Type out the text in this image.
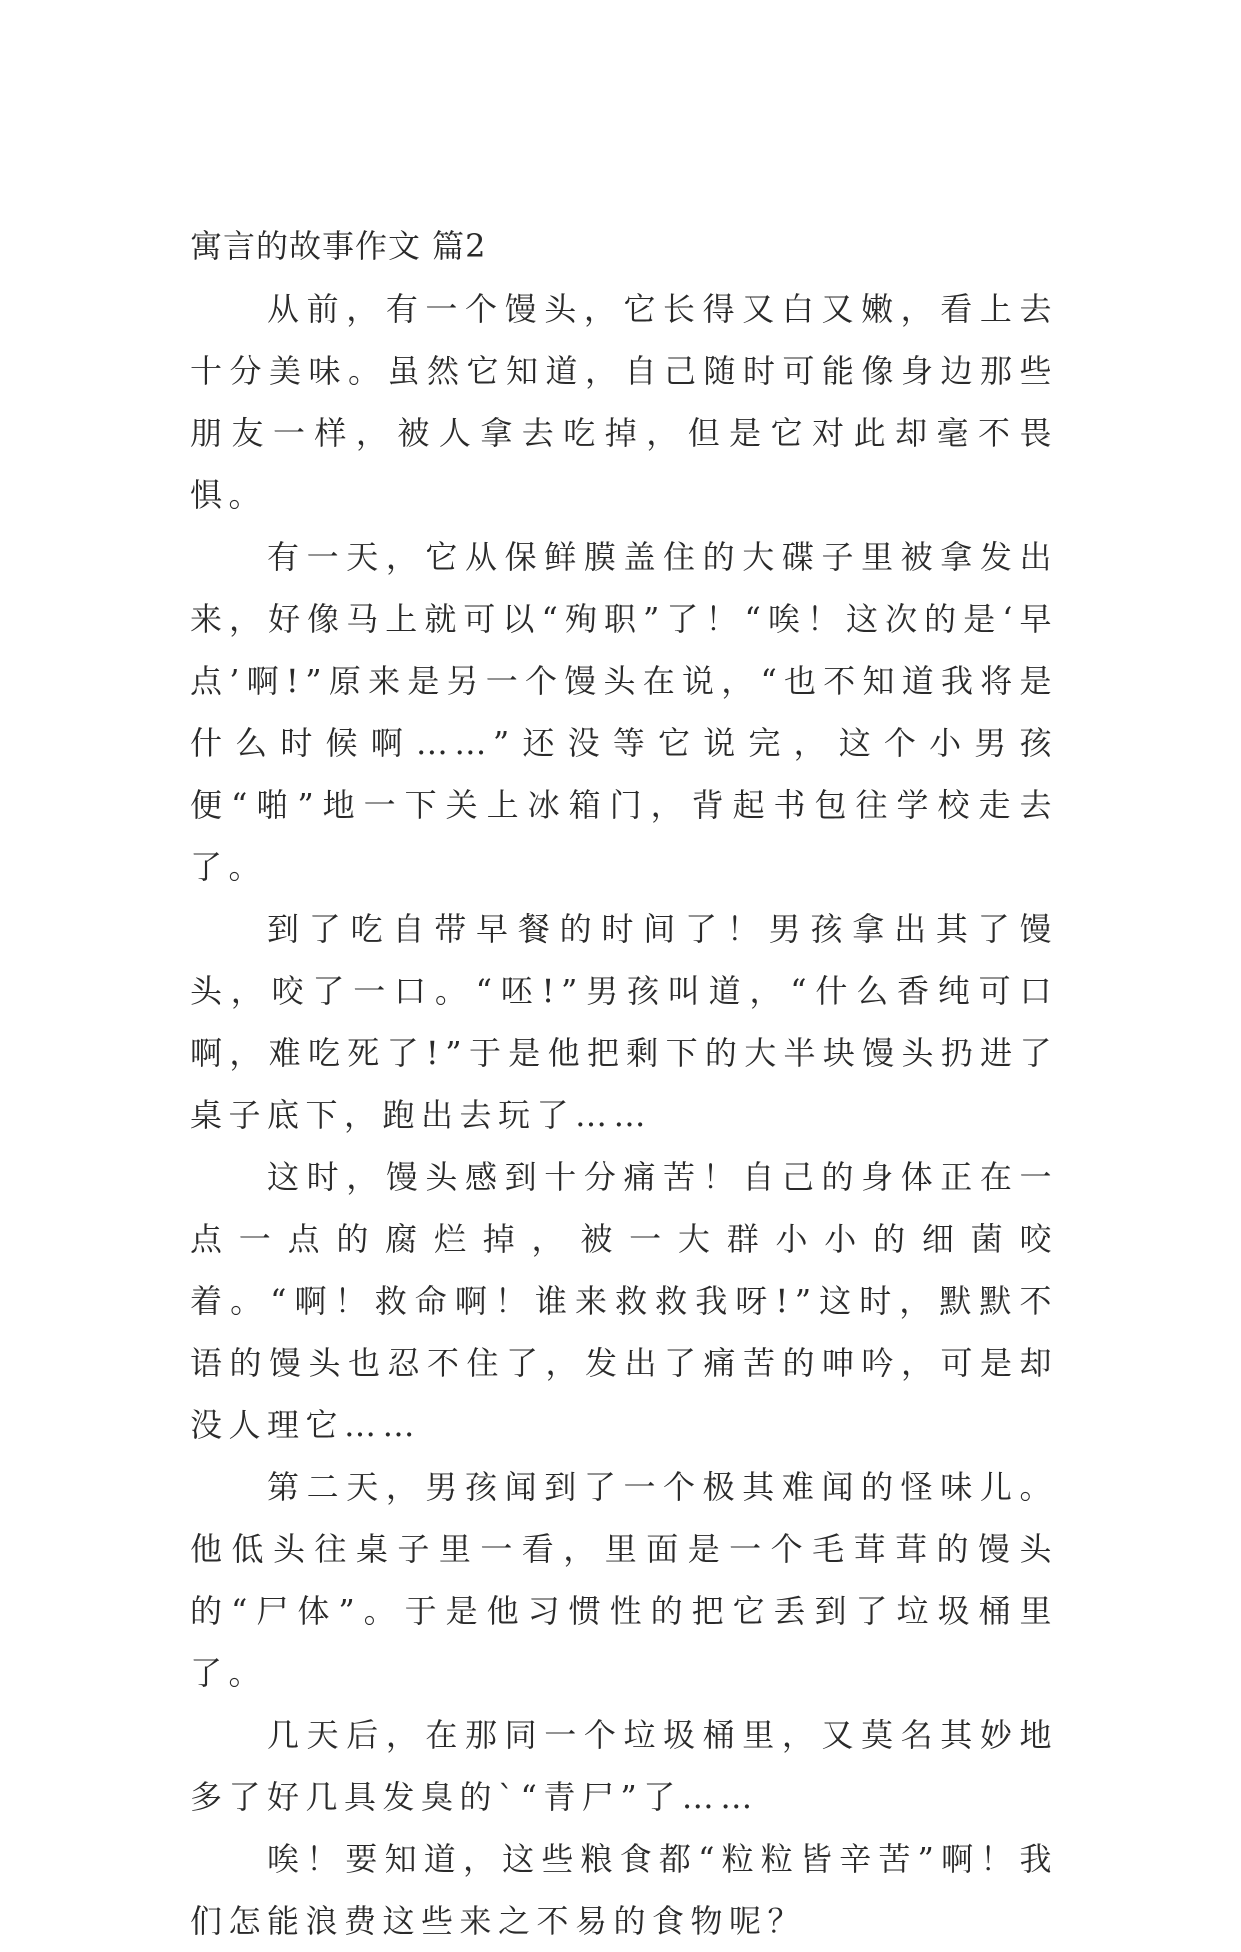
寓言的故事作文 篇2

从前，有一个馒头，它长得又白又嫩，看上去十分美味。虽然它知道，自己随时可能像身边那些朋友一样，被人拿去吃掉，但是它对此却毫不畏惧。

有一天，它从保鲜膜盖住的大碟子里被拿发出来，好像马上就可以“殉职”了！“唉！这次的是‘早点’啊!”原来是另一个馒头在说，“也不知道我将是什么时候啊……”还没等它说完，这个小男孩便“啪”地一下关上冰箱门，背起书包往学校走去了。

到了吃自带早餐的时间了！男孩拿出其了馒头，咬了一口。“呸!”男孩叫道，“什么香纯可口啊，难吃死了!”于是他把剩下的大半块馒头扔进了桌子底下，跑出去玩了……

这时，馒头感到十分痛苦！自己的身体正在一点一点的腐烂掉，被一大群小小的细菌咬着。“啊！救命啊！谁来救救我呀!”这时，默默不语的馒头也忍不住了，发出了痛苦的呻吟，可是却没人理它……

第二天，男孩闻到了一个极其难闻的怪味儿。他低头往桌子里一看，里面是一个毛茸茸的馒头的“尸体”。于是他习惯性的把它丢到了垃圾桶里了。

几天后，在那同一个垃圾桶里，又莫名其妙地多了好几具发臭的`“青尸”了……

唉！要知道，这些粮食都“粒粒皆辛苦”啊！我们怎能浪费这些来之不易的食物呢？
